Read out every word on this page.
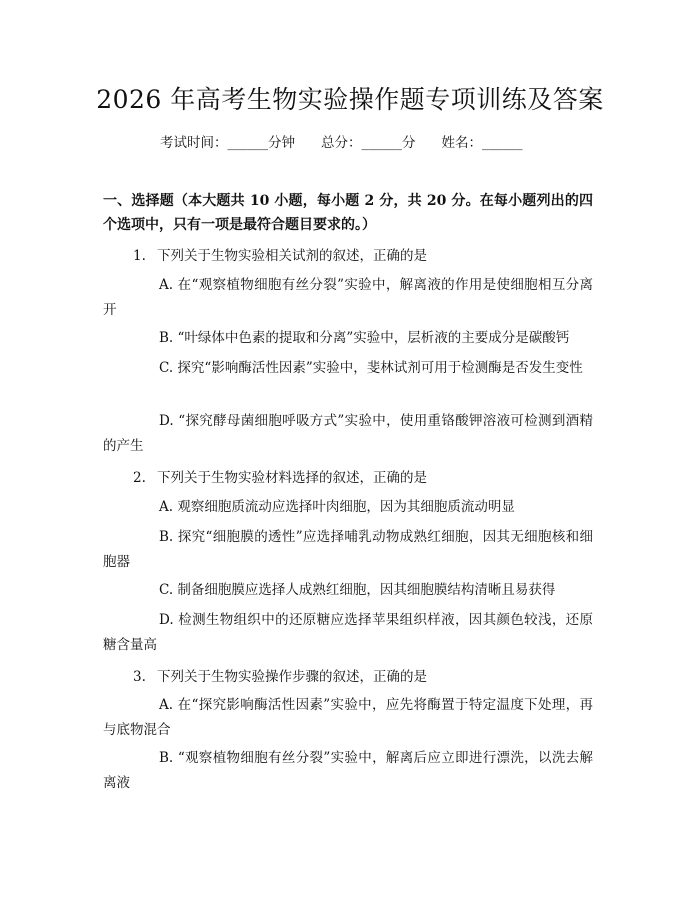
2026 年高考生物实验操作题专项训练及答案
考试时间：______分钟 总分：______分 姓名：______
一、选择题（本大题共 10 小题，每小题 2 分，共 20 分。在每小题列出的四个选项中，只有一项是最符合题目要求的。）
1. 下列关于生物实验相关试剂的叙述，正确的是
A. 在“观察植物细胞有丝分裂”实验中，解离液的作用是使细胞相互分离开
B. “叶绿体中色素的提取和分离”实验中，层析液的主要成分是碳酸钙
C. 探究“影响酶活性因素”实验中，斐林试剂可用于检测酶是否发生变性
D. “探究酵母菌细胞呼吸方式”实验中，使用重铬酸钾溶液可检测到酒精的产生
2. 下列关于生物实验材料选择的叙述，正确的是
A. 观察细胞质流动应选择叶肉细胞，因为其细胞质流动明显
B. 探究“细胞膜的透性”应选择哺乳动物成熟红细胞，因其无细胞核和细胞器
C. 制备细胞膜应选择人成熟红细胞，因其细胞膜结构清晰且易获得
D. 检测生物组织中的还原糖应选择苹果组织样液，因其颜色较浅，还原糖含量高
3. 下列关于生物实验操作步骤的叙述，正确的是
A. 在“探究影响酶活性因素”实验中，应先将酶置于特定温度下处理，再与底物混合
B. “观察植物细胞有丝分裂”实验中，解离后应立即进行漂洗，以洗去解离液
